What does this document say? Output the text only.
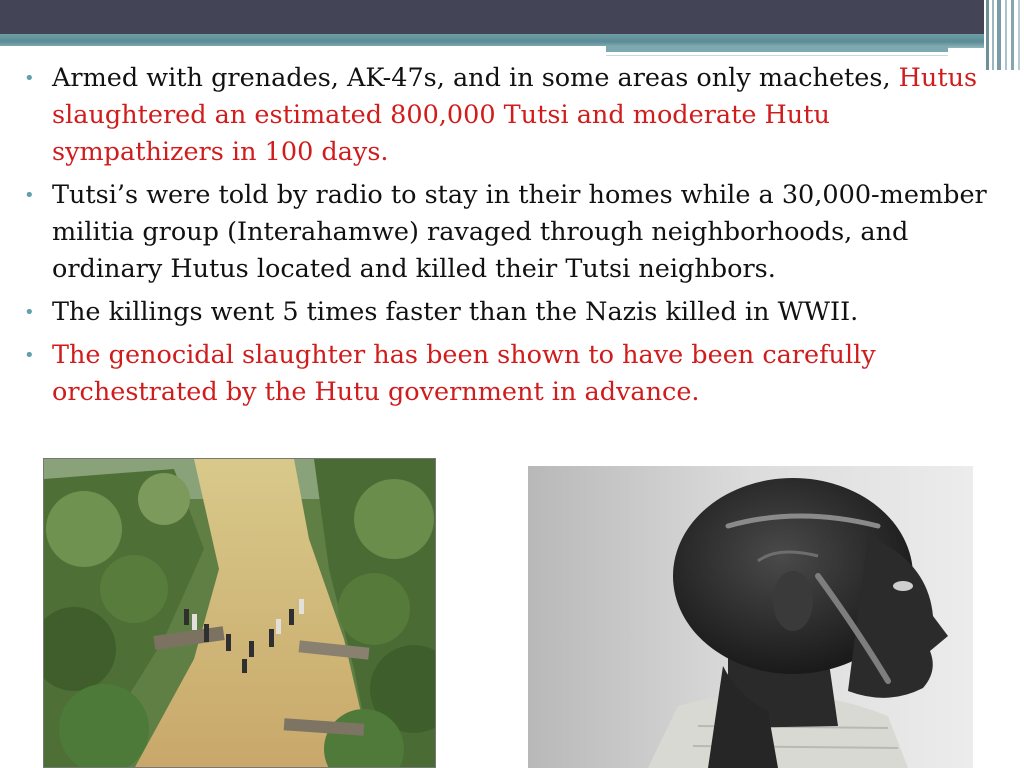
• Armed with grenades, AK-47s, and in some areas only machetes, Hutus slaughtered an estimated 800,000 Tutsi and moderate Hutu sympathizers in 100 days.
• Tutsi’s were told by radio to stay in their homes while a 30,000-member militia group (Interahamwe) ravaged through neighborhoods, and ordinary Hutus located and killed their Tutsi neighbors.
• The killings went 5 times faster than the Nazis killed in WWII.
• The genocidal slaughter has been shown to have been carefully orchestrated by the Hutu government in advance.
